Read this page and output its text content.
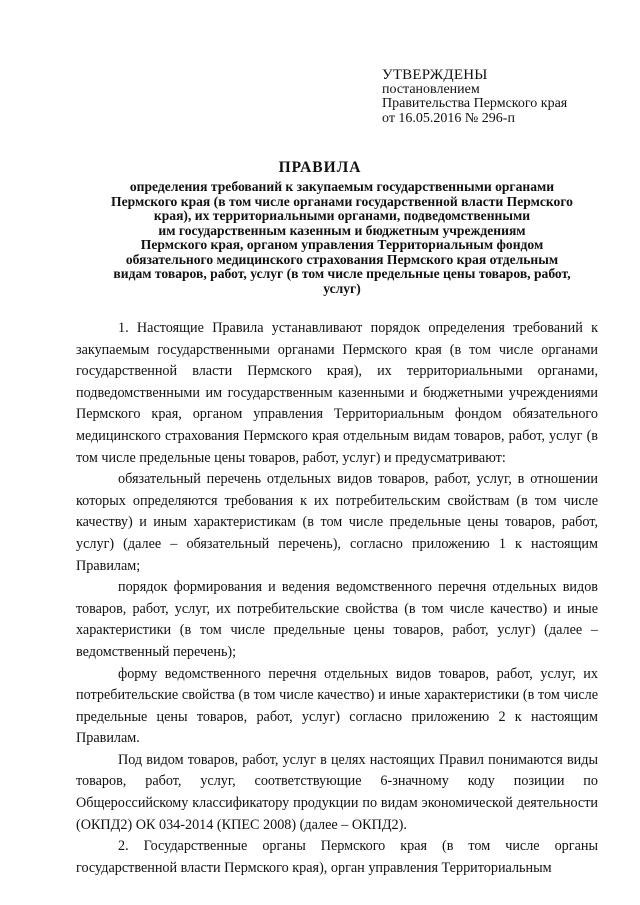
УТВЕРЖДЕНЫ
постановлением
Правительства Пермского края
от 16.05.2016 № 296-п
ПРАВИЛА
определения требований к закупаемым государственными органами
Пермского края (в том числе органами государственной власти Пермского
края), их территориальными органами, подведомственными
им государственным казенным и бюджетным учреждениям
Пермского края, органом управления Территориальным фондом
обязательного медицинского страхования Пермского края отдельным
видам товаров, работ, услуг (в том числе предельные цены товаров, работ,
услуг)

1. Настоящие Правила устанавливают порядок определения требований к закупаемым государственными органами Пермского края (в том числе органами государственной власти Пермского края), их территориальными органами, подведомственными им государственным казенными и бюджетными учреждениями Пермского края, органом управления Территориальным фондом обязательного медицинского страхования Пермского края отдельным видам товаров, работ, услуг (в том числе предельные цены товаров, работ, услуг) и предусматривают:

обязательный перечень отдельных видов товаров, работ, услуг, в отношении которых определяются требования к их потребительским свойствам (в том числе качеству) и иным характеристикам (в том числе предельные цены товаров, работ, услуг) (далее – обязательный перечень), согласно приложению 1 к настоящим Правилам;

порядок формирования и ведения ведомственного перечня отдельных видов товаров, работ, услуг, их потребительские свойства (в том числе качество) и иные характеристики (в том числе предельные цены товаров, работ, услуг) (далее – ведомственный перечень);

форму ведомственного перечня отдельных видов товаров, работ, услуг, их потребительские свойства (в том числе качество) и иные характеристики (в том числе предельные цены товаров, работ, услуг) согласно приложению 2 к настоящим Правилам.

Под видом товаров, работ, услуг в целях настоящих Правил понимаются виды товаров, работ, услуг, соответствующие 6-значному коду позиции по Общероссийскому классификатору продукции по видам экономической деятельности (ОКПД2) ОК 034-2014 (КПЕС 2008) (далее – ОКПД2).

2. Государственные органы Пермского края (в том числе органы государственной власти Пермского края), орган управления Территориальным
